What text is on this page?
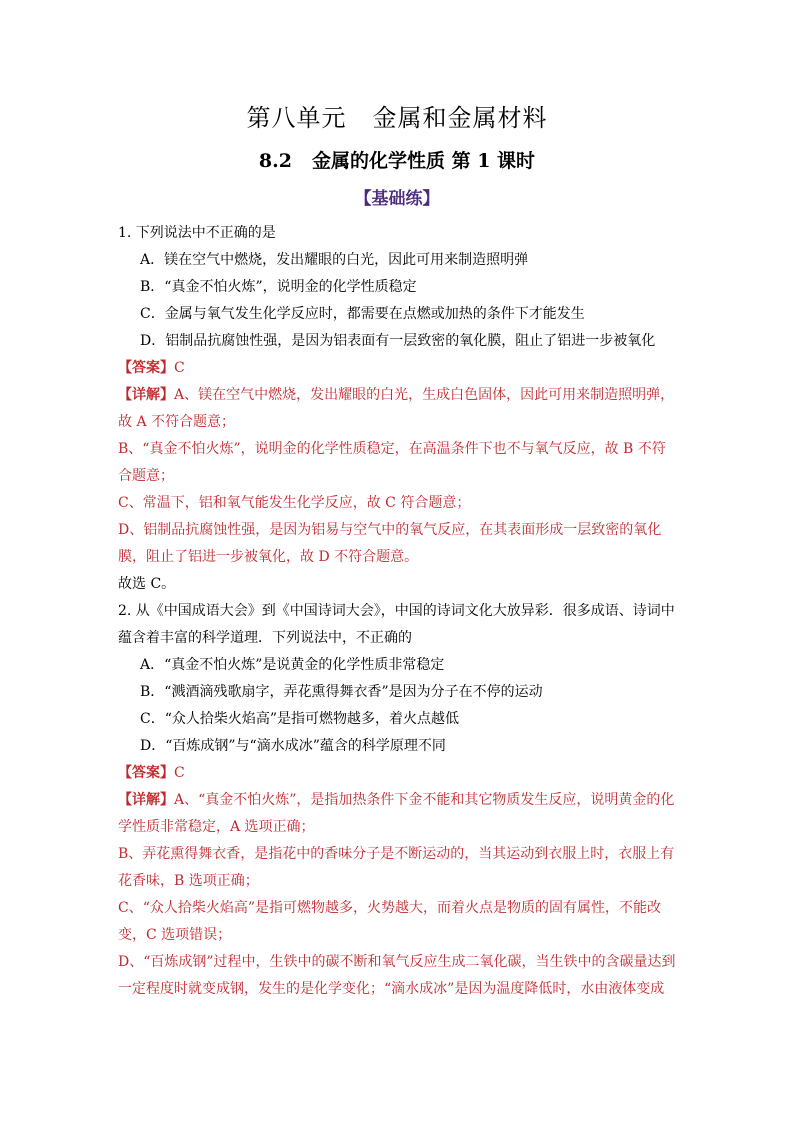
第八单元 金属和金属材料
8.2 金属的化学性质 第 1 课时
【基础练】
1. 下列说法中不正确的是
A．镁在空气中燃烧，发出耀眼的白光，因此可用来制造照明弹
B．“真金不怕火炼”，说明金的化学性质稳定
C．金属与氧气发生化学反应时，都需要在点燃或加热的条件下才能发生
D．铝制品抗腐蚀性强，是因为铝表面有一层致密的氧化膜，阻止了铝进一步被氧化
【答案】C
【详解】A、镁在空气中燃烧，发出耀眼的白光，生成白色固体，因此可用来制造照明弹，故 A 不符合题意；
B、“真金不怕火炼”，说明金的化学性质稳定，在高温条件下也不与氧气反应，故 B 不符合题意；
C、常温下，铝和氧气能发生化学反应，故 C 符合题意；
D、铝制品抗腐蚀性强，是因为铝易与空气中的氧气反应，在其表面形成一层致密的氧化膜，阻止了铝进一步被氧化，故 D 不符合题意。
故选 C。
2. 从《中国成语大会》到《中国诗词大会》，中国的诗词文化大放异彩．很多成语、诗词中蕴含着丰富的科学道理．下列说法中，不正确的
A．“真金不怕火炼”是说黄金的化学性质非常稳定
B．“溅酒滴残歌扇字，弄花熏得舞衣香”是因为分子在不停的运动
C．“众人拾柴火焰高”是指可燃物越多，着火点越低
D．“百炼成钢”与“滴水成冰”蕴含的科学原理不同
【答案】C
【详解】A、“真金不怕火炼”，是指加热条件下金不能和其它物质发生反应，说明黄金的化学性质非常稳定，A 选项正确；
B、弄花熏得舞衣香，是指花中的香味分子是不断运动的，当其运动到衣服上时，衣服上有花香味，B 选项正确；
C、“众人拾柴火焰高”是指可燃物越多，火势越大，而着火点是物质的固有属性，不能改变，C 选项错误；
D、“百炼成钢”过程中，生铁中的碳不断和氧气反应生成二氧化碳，当生铁中的含碳量达到一定程度时就变成钢，发生的是化学变化；“滴水成冰”是因为温度降低时，水由液体变成
